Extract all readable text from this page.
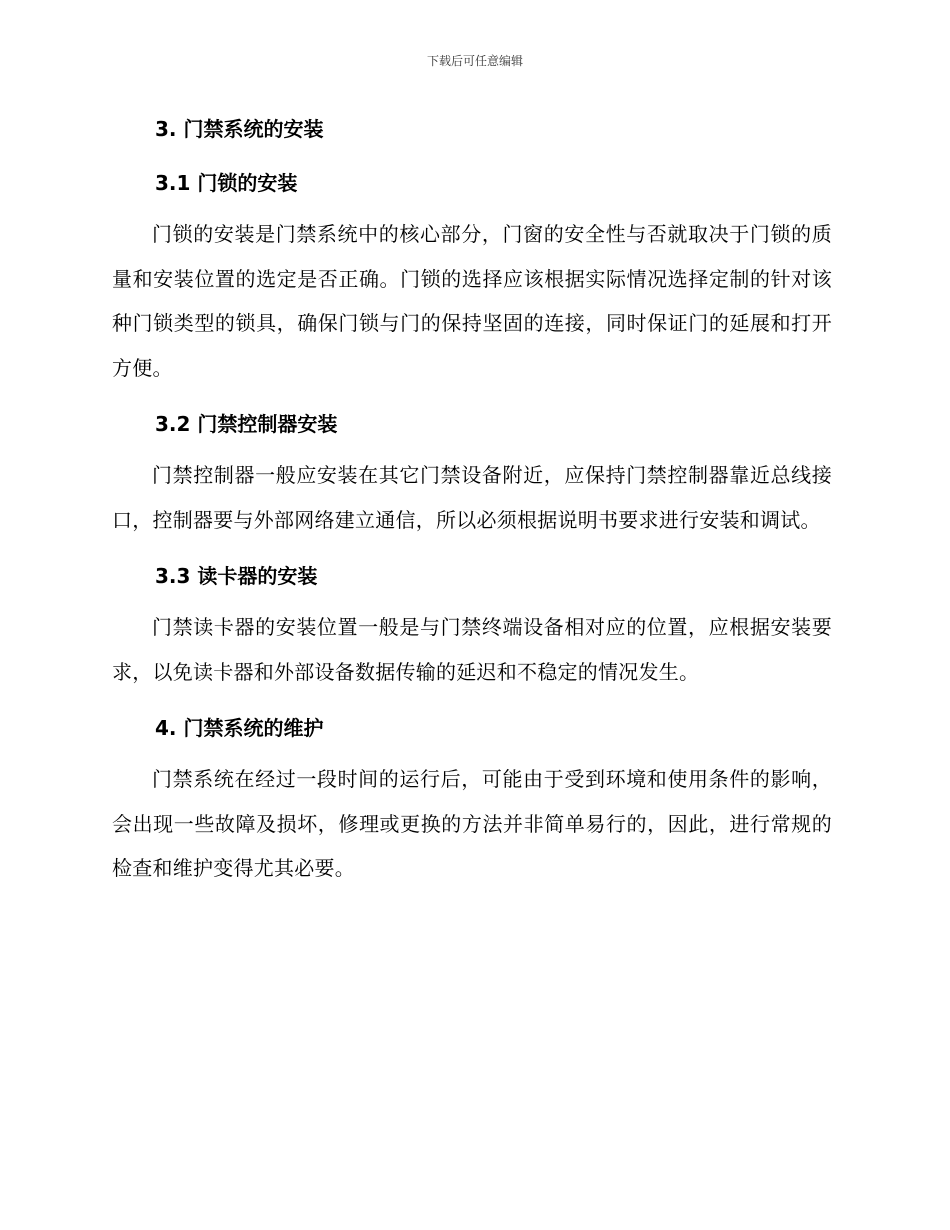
下载后可任意编辑
3. 门禁系统的安装
3.1 门锁的安装

门锁的安装是门禁系统中的核心部分，门窗的安全性与否就取决于门锁的质量和安装位置的选定是否正确。门锁的选择应该根据实际情况选择定制的针对该种门锁类型的锁具，确保门锁与门的保持坚固的连接，同时保证门的延展和打开方便。

3.2 门禁控制器安装

门禁控制器一般应安装在其它门禁设备附近，应保持门禁控制器靠近总线接口，控制器要与外部网络建立通信，所以必须根据说明书要求进行安装和调试。

3.3 读卡器的安装

门禁读卡器的安装位置一般是与门禁终端设备相对应的位置，应根据安装要求，以免读卡器和外部设备数据传输的延迟和不稳定的情况发生。

4. 门禁系统的维护

门禁系统在经过一段时间的运行后，可能由于受到环境和使用条件的影响，会出现一些故障及损坏，修理或更换的方法并非简单易行的，因此，进行常规的检查和维护变得尤其必要。
